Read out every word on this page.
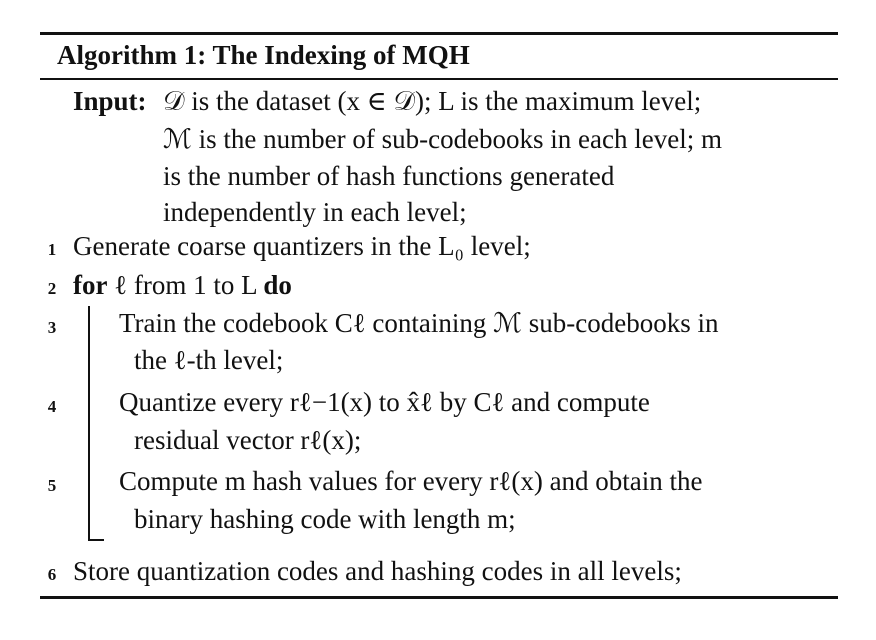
Algorithm 1: The Indexing of MQH
Input: 𝒟 is the dataset (x ∈ 𝒟); L is the maximum level;
ℳ is the number of sub-codebooks in each level; m
is the number of hash functions generated
independently in each level;
1 Generate coarse quantizers in the L₀ level;
2 for ℓ from 1 to L do
3 Train the codebook Cℓ containing ℳ sub-codebooks in
the ℓ-th level;
4 Quantize every rℓ−1(x) to x̂ℓ by Cℓ and compute
residual vector rℓ(x);
5 Compute m hash values for every rℓ(x) and obtain the
binary hashing code with length m;
6 Store quantization codes and hashing codes in all levels;
